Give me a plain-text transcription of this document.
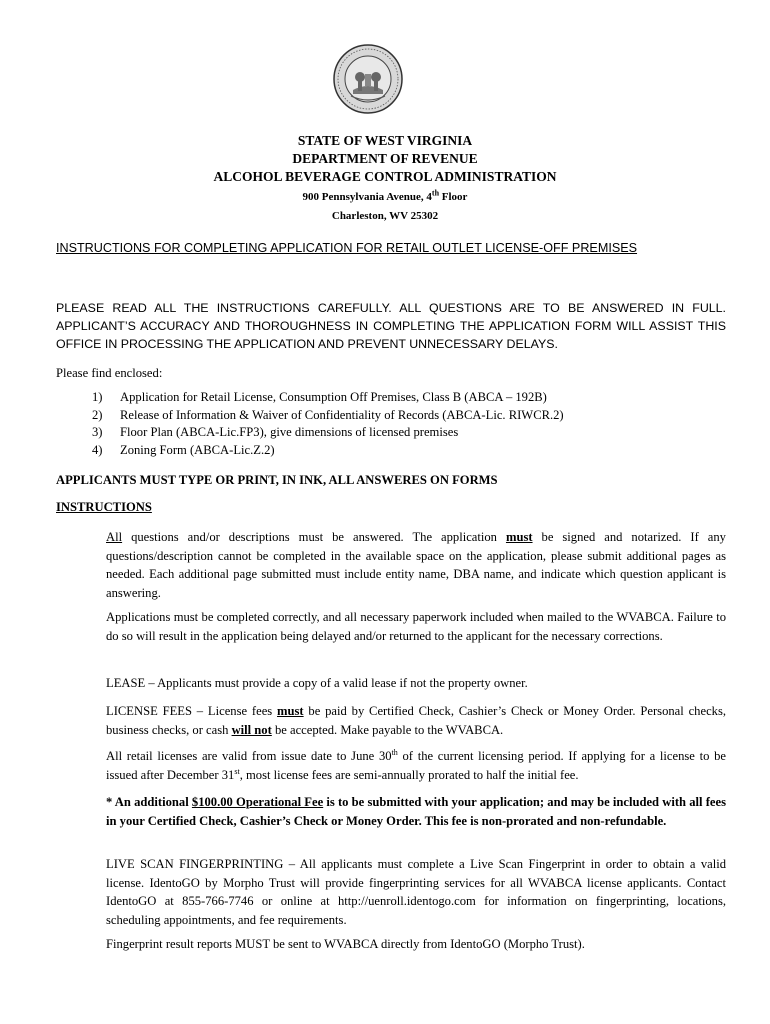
STATE OF WEST VIRGINIA
DEPARTMENT OF REVENUE
ALCOHOL BEVERAGE CONTROL ADMINISTRATION
900 Pennsylvania Avenue, 4th Floor
Charleston, WV 25302
INSTRUCTIONS FOR COMPLETING APPLICATION FOR RETAIL OUTLET LICENSE-OFF PREMISES
PLEASE READ ALL THE INSTRUCTIONS CAREFULLY. ALL QUESTIONS ARE TO BE ANSWERED IN FULL. APPLICANT’S ACCURACY AND THOROUGHNESS IN COMPLETING THE APPLICATION FORM WILL ASSIST THIS OFFICE IN PROCESSING THE APPLICATION AND PREVENT UNNECESSARY DELAYS.
Please find enclosed:
1) Application for Retail License, Consumption Off Premises, Class B (ABCA – 192B)
2) Release of Information & Waiver of Confidentiality of Records (ABCA-Lic. RIWCR.2)
3) Floor Plan (ABCA-Lic.FP3), give dimensions of licensed premises
4) Zoning Form (ABCA-Lic.Z.2)
APPLICANTS MUST TYPE OR PRINT, IN INK, ALL ANSWERES ON FORMS
INSTRUCTIONS
All questions and/or descriptions must be answered. The application must be signed and notarized. If any questions/description cannot be completed in the available space on the application, please submit additional pages as needed. Each additional page submitted must include entity name, DBA name, and indicate which question applicant is answering.
Applications must be completed correctly, and all necessary paperwork included when mailed to the WVABCA. Failure to do so will result in the application being delayed and/or returned to the applicant for the necessary corrections.
LEASE – Applicants must provide a copy of a valid lease if not the property owner.
LICENSE FEES – License fees must be paid by Certified Check, Cashier’s Check or Money Order. Personal checks, business checks, or cash will not be accepted. Make payable to the WVABCA.
All retail licenses are valid from issue date to June 30th of the current licensing period. If applying for a license to be issued after December 31st, most license fees are semi-annually prorated to half the initial fee.
* An additional $100.00 Operational Fee is to be submitted with your application; and may be included with all fees in your Certified Check, Cashier’s Check or Money Order. This fee is non-prorated and non-refundable.
LIVE SCAN FINGERPRINTING – All applicants must complete a Live Scan Fingerprint in order to obtain a valid license. IdentoGO by Morpho Trust will provide fingerprinting services for all WVABCA license applicants. Contact IdentoGO at 855-766-7746 or online at http://uenroll.identogo.com for information on fingerprinting, locations, scheduling appointments, and fee requirements.
Fingerprint result reports MUST be sent to WVABCA directly from IdentoGO (Morpho Trust).
